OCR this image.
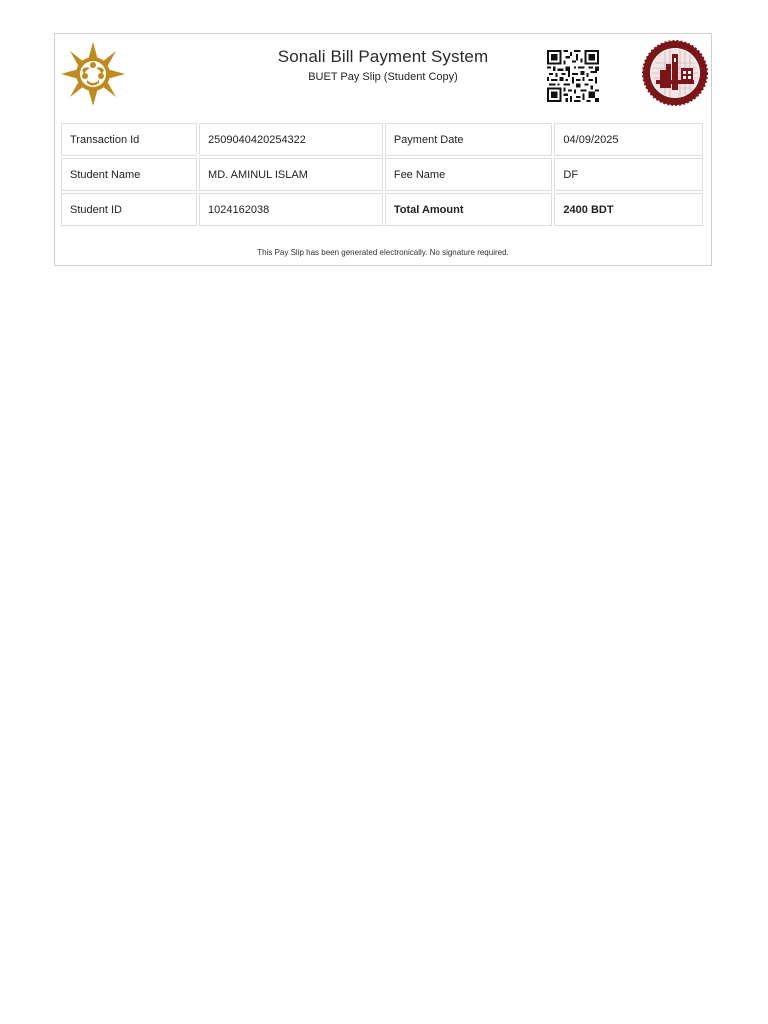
Sonali Bill Payment System
BUET Pay Slip (Student Copy)
Transaction Id	2509040420254322	Payment Date	04/09/2025
Student Name	MD. AMINUL ISLAM	Fee Name	DF
Student ID	1024162038	Total Amount	2400 BDT
This Pay Slip has been generated electronically. No signature required.
